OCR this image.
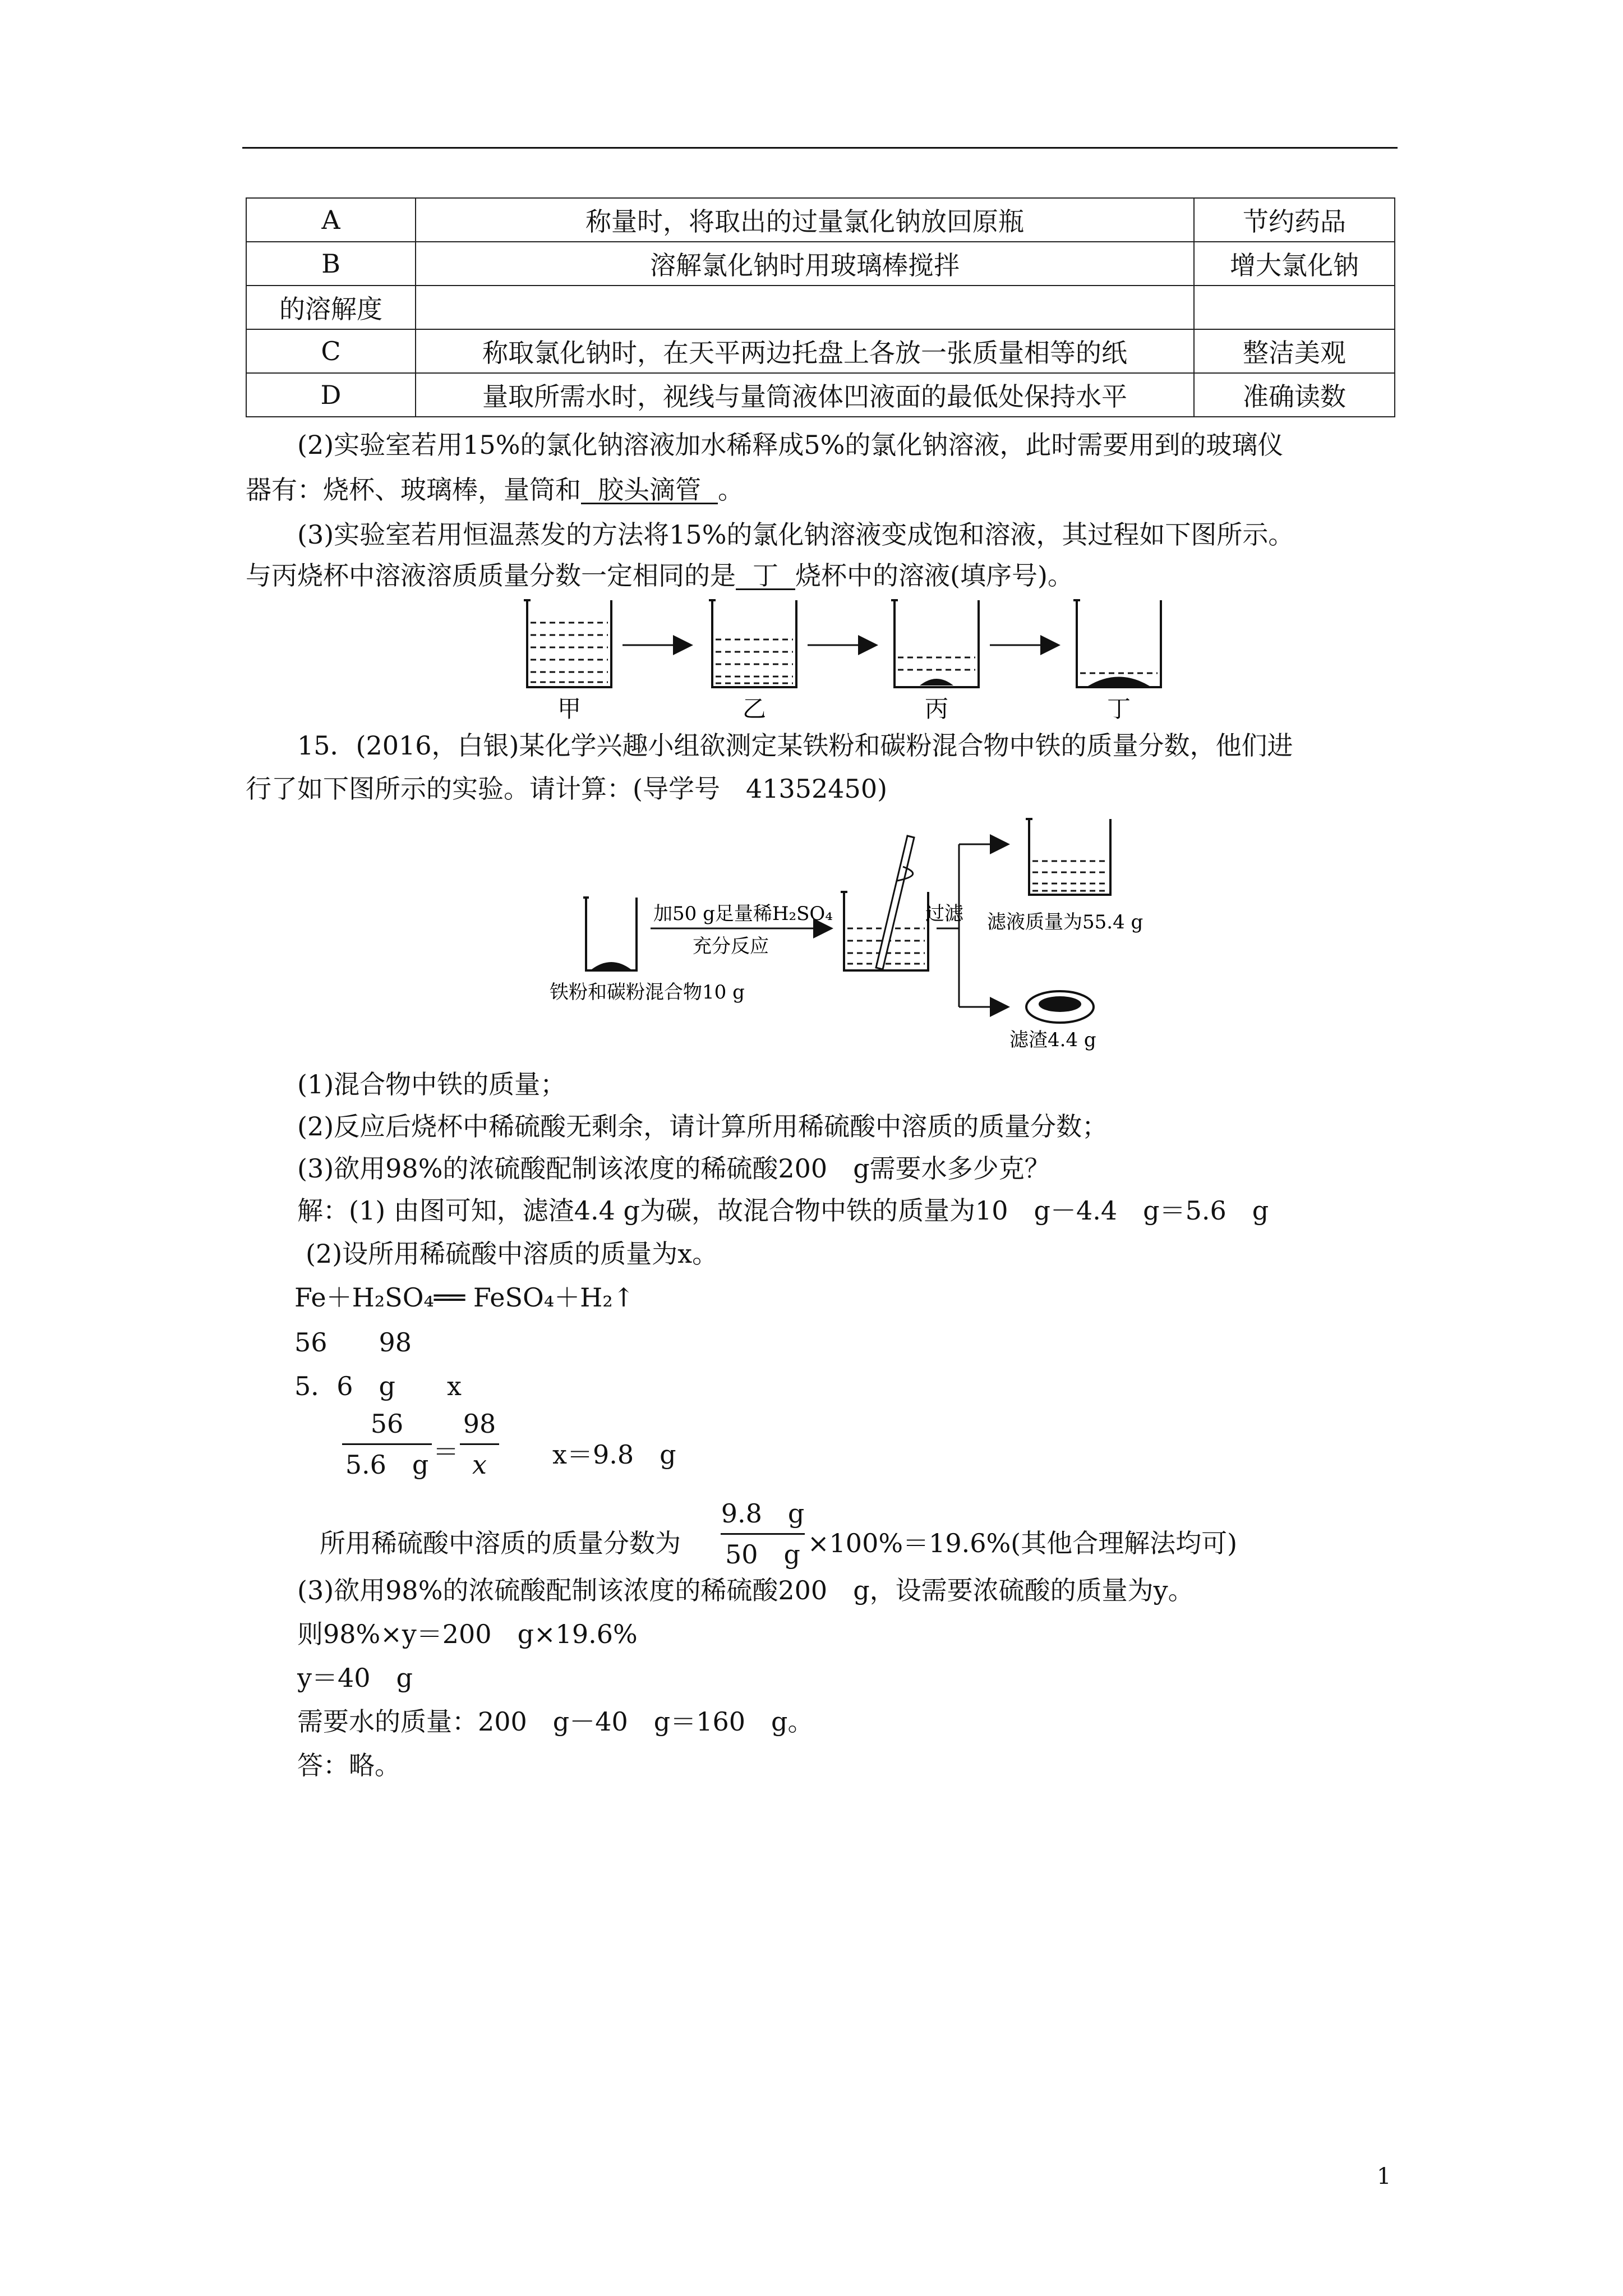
A	称量时，将取出的过量氯化钠放回原瓶	节约药品
B	溶解氯化钠时用玻璃棒搅拌	增大氯化钠
的溶解度		
C	称取氯化钠时，在天平两边托盘上各放一张质量相等的纸	整洁美观
D	量取所需水时，视线与量筒液体凹液面的最低处保持水平	准确读数
(2)实验室若用15%的氯化钠溶液加水稀释成5%的氯化钠溶液，此时需要用到的玻璃仪
器有：烧杯、玻璃棒，量筒和 胶头滴管 。
(3)实验室若用恒温蒸发的方法将15%的氯化钠溶液变成饱和溶液，其过程如下图所示。
与丙烧杯中溶液溶质质量分数一定相同的是 丁 烧杯中的溶液(填序号)。
甲	乙	丙	丁
15．(2016，白银)某化学兴趣小组欲测定某铁粉和碳粉混合物中铁的质量分数，他们进
行了如下图所示的实验。请计算：(导学号　41352450)
铁粉和碳粉混合物10 g
加50 g足量稀H₂SO₄
充分反应
过滤 滤液质量为55.4 g
滤渣4.4 g
(1)混合物中铁的质量；
(2)反应后烧杯中稀硫酸无剩余，请计算所用稀硫酸中溶质的质量分数；
(3)欲用98%的浓硫酸配制该浓度的稀硫酸200　g需要水多少克？
解：(1) 由图可知，滤渣4.4 g为碳，故混合物中铁的质量为10　g－4.4　g＝5.6　g
(2)设所用稀硫酸中溶质的质量为x。
Fe＋H₂SO₄══ FeSO₄＋H₂↑
56　　98
5．6　g　　x
56
5.6　g ＝
98
x	x＝9.8　g
所用稀硫酸中溶质的质量分数为
9.8　g
50　g ×100%＝19.6%(其他合理解法均可)
(3)欲用98%的浓硫酸配制该浓度的稀硫酸200　g，设需要浓硫酸的质量为y。
则98%×y＝200　g×19.6%
y＝40　g
需要水的质量：200　g－40　g＝160　g。
答：略。
1
